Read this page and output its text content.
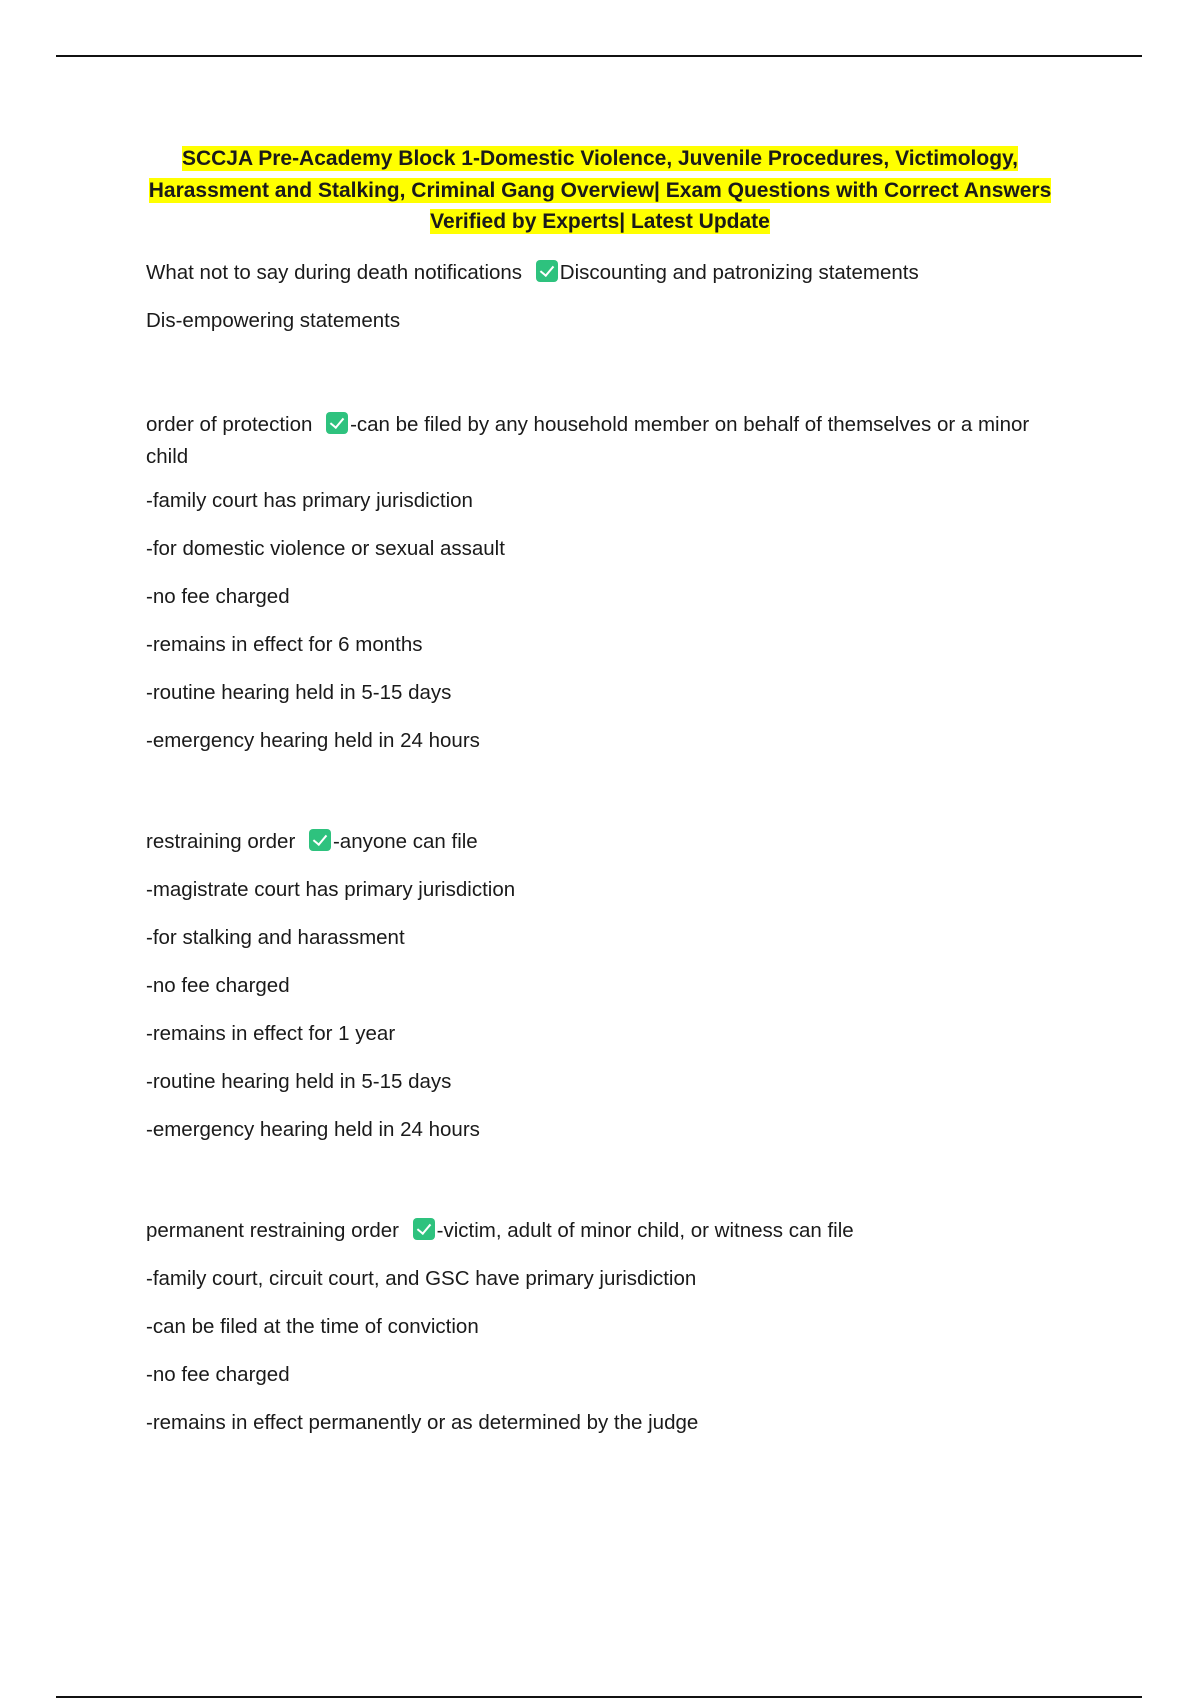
SCCJA Pre-Academy Block 1-Domestic Violence, Juvenile Procedures, Victimology,
Harassment and Stalking, Criminal Gang Overview| Exam Questions with Correct Answers
Verified by Experts| Latest Update
What not to say during death notifications Discounting and patronizing statements
Dis-empowering statements
order of protection -can be filed by any household member on behalf of themselves or a minor child
-family court has primary jurisdiction
-for domestic violence or sexual assault
-no fee charged
-remains in effect for 6 months
-routine hearing held in 5-15 days
-emergency hearing held in 24 hours
restraining order -anyone can file
-magistrate court has primary jurisdiction
-for stalking and harassment
-no fee charged
-remains in effect for 1 year
-routine hearing held in 5-15 days
-emergency hearing held in 24 hours
permanent restraining order -victim, adult of minor child, or witness can file
-family court, circuit court, and GSC have primary jurisdiction
-can be filed at the time of conviction
-no fee charged
-remains in effect permanently or as determined by the judge
